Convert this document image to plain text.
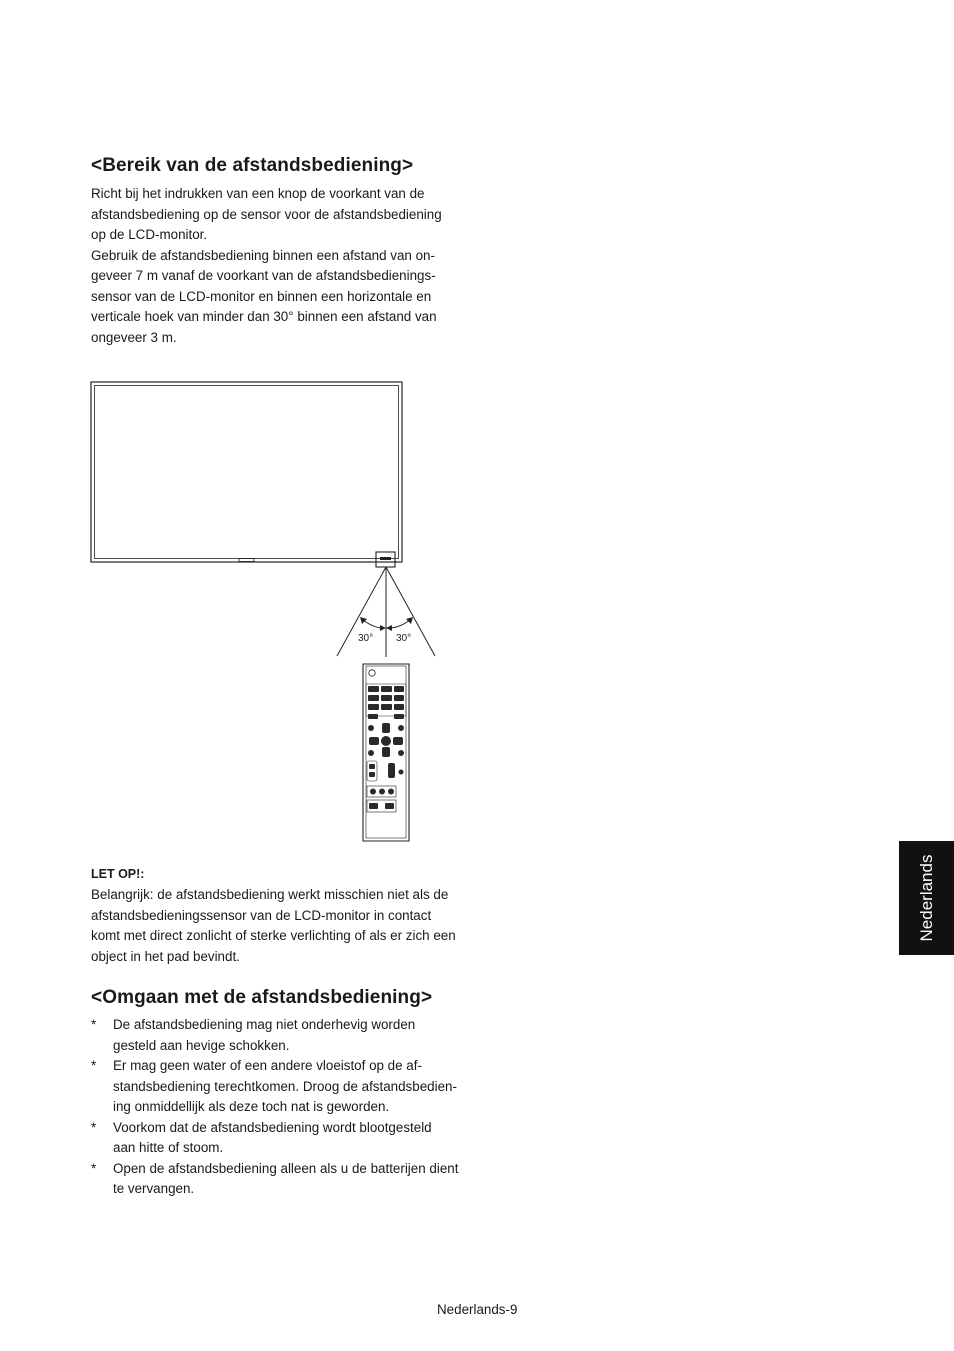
<Bereik van de afstandsbediening>

Richt bij het indrukken van een knop de voorkant van de
afstandsbediening op de sensor voor de afstandsbediening
op de LCD-monitor.
Gebruik de afstandsbediening binnen een afstand van on-
geveer 7 m vanaf de voorkant van de afstandsbedienings-
sensor van de LCD-monitor en binnen een horizontale en
verticale hoek van minder dan 30° binnen een afstand van
ongeveer 3 m.

30° 30°

LET OP!:

Belangrijk: de afstandsbediening werkt misschien niet als de
afstandsbedieningssensor van de LCD-monitor in contact
komt met direct zonlicht of sterke verlichting of als er zich een
object in het pad bevindt.

<Omgaan met de afstandsbediening>
* De afstandsbediening mag niet onderhevig worden
gesteld aan hevige schokken.
* Er mag geen water of een andere vloeistof op de af-
standsbediening terechtkomen. Droog de afstandsbedien-
ing onmiddellijk als deze toch nat is geworden.
* Voorkom dat de afstandsbediening wordt blootgesteld
aan hitte of stoom.
* Open de afstandsbediening alleen als u de batterijen dient
te vervangen.
Nederlands

Nederlands-9
